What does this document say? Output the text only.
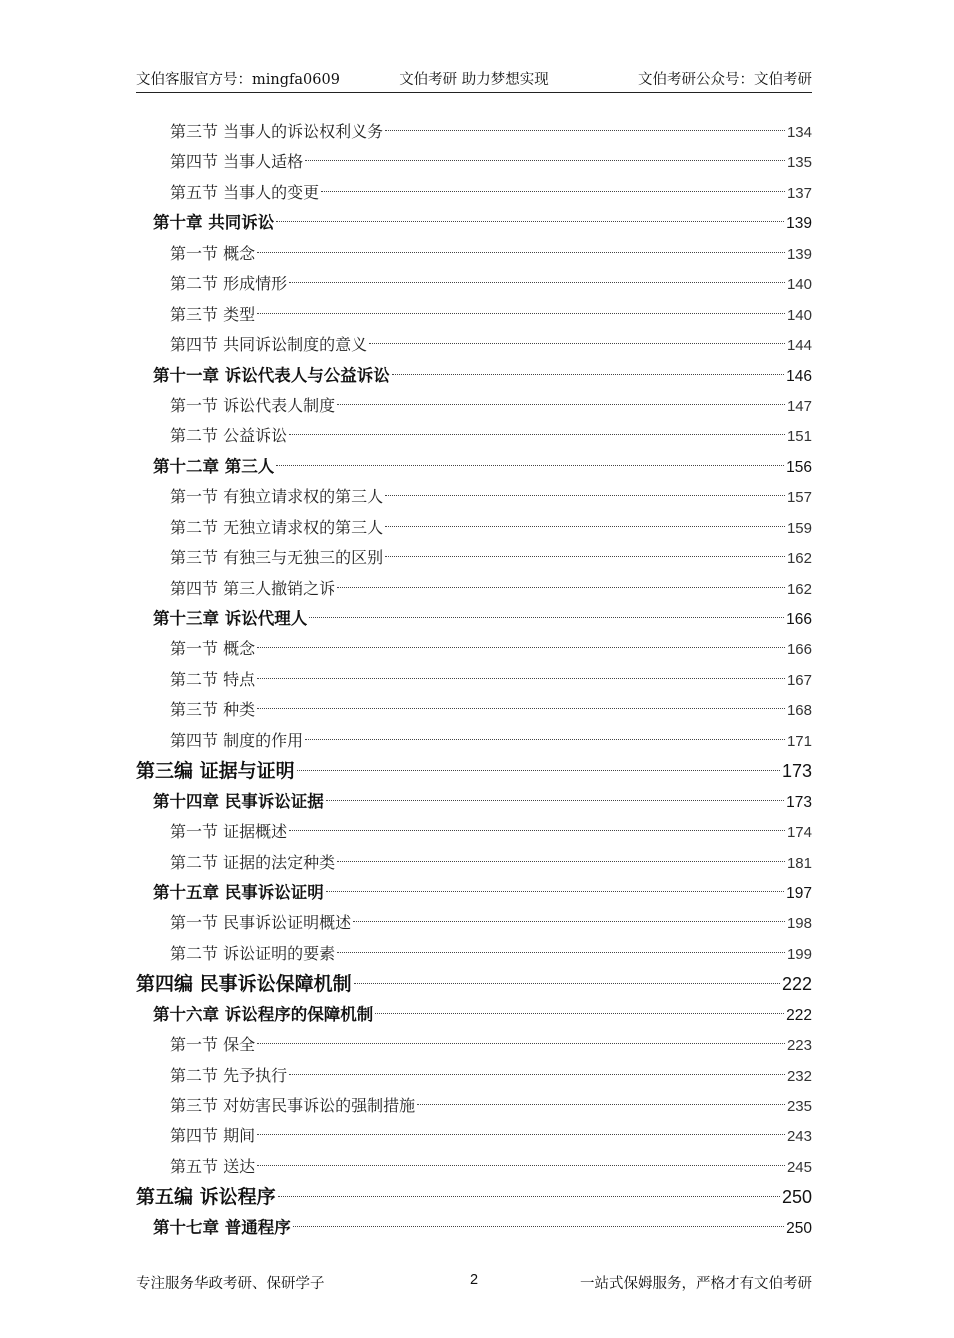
文伯客服官方号：mingfa0609	文伯考研 助力梦想实现	文伯考研公众号：文伯考研
第三节 当事人的诉讼权利义务	134
第四节 当事人适格	135
第五节 当事人的变更	137
第十章 共同诉讼	139
第一节 概念	139
第二节 形成情形	140
第三节 类型	140
第四节 共同诉讼制度的意义	144
第十一章 诉讼代表人与公益诉讼	146
第一节 诉讼代表人制度	147
第二节 公益诉讼	151
第十二章 第三人	156
第一节 有独立请求权的第三人	157
第二节 无独立请求权的第三人	159
第三节 有独三与无独三的区别	162
第四节 第三人撤销之诉	162
第十三章 诉讼代理人	166
第一节 概念	166
第二节 特点	167
第三节 种类	168
第四节 制度的作用	171
第三编 证据与证明	173
第十四章 民事诉讼证据	173
第一节 证据概述	174
第二节 证据的法定种类	181
第十五章 民事诉讼证明	197
第一节 民事诉讼证明概述	198
第二节 诉讼证明的要素	199
第四编 民事诉讼保障机制	222
第十六章 诉讼程序的保障机制	222
第一节 保全	223
第二节 先予执行	232
第三节 对妨害民事诉讼的强制措施	235
第四节 期间	243
第五节 送达	245
第五编 诉讼程序	250
第十七章 普通程序	250
专注服务华政考研、保研学子	2	一站式保姆服务，严格才有文伯考研
